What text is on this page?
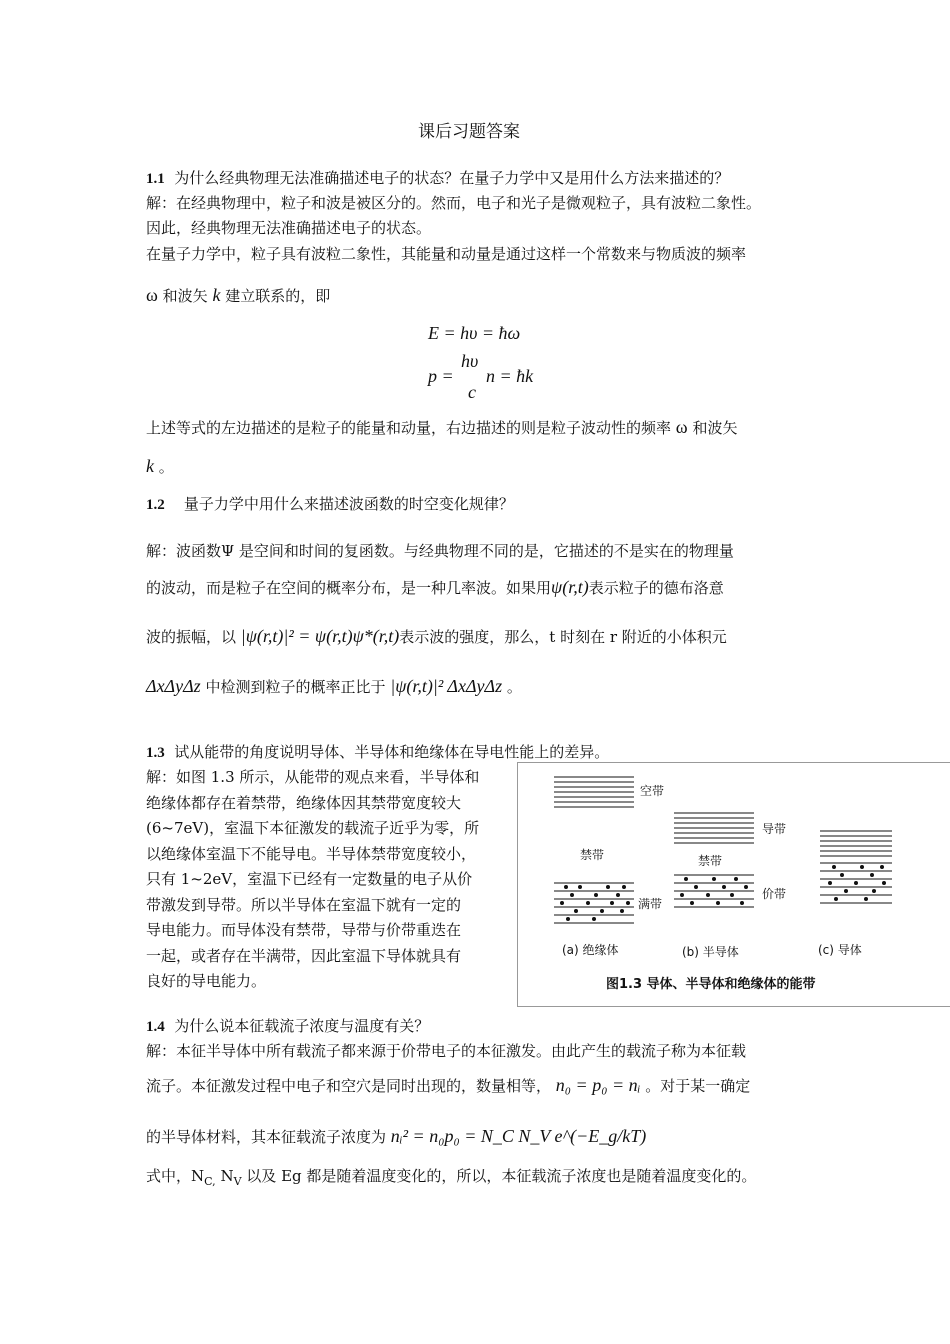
课后习题答案
1.1 为什么经典物理无法准确描述电子的状态？在量子力学中又是用什么方法来描述的？
解：在经典物理中，粒子和波是被区分的。然而，电子和光子是微观粒子，具有波粒二象性。
因此，经典物理无法准确描述电子的状态。
在量子力学中，粒子具有波粒二象性，其能量和动量是通过这样一个常数来与物质波的频率
ω 和波矢 k 建立联系的，即
E = hυ = ħω
p =
hυ
c
n = ħk
上述等式的左边描述的是粒子的能量和动量，右边描述的则是粒子波动性的频率 ω 和波矢
k 。
1.2 量子力学中用什么来描述波函数的时空变化规律？
解：波函数Ψ 是空间和时间的复函数。与经典物理不同的是，它描述的不是实在的物理量
的波动，而是粒子在空间的概率分布，是一种几率波。如果用ψ(r,t)表示粒子的德布洛意
波的振幅，以 |ψ(r,t)|² = ψ(r,t)ψ*(r,t)表示波的强度，那么，t 时刻在 r 附近的小体积元
ΔxΔyΔz 中检测到粒子的概率正比于 |ψ(r,t)|² ΔxΔyΔz 。
1.3 试从能带的角度说明导体、半导体和绝缘体在导电性能上的差异。
解：如图 1.3 所示，从能带的观点来看，半导体和
绝缘体都存在着禁带，绝缘体因其禁带宽度较大
(6~7eV)，室温下本征激发的载流子近乎为零，所
以绝缘体室温下不能导电。半导体禁带宽度较小，
只有 1~2eV，室温下已经有一定数量的电子从价
带激发到导带。所以半导体在室温下就有一定的
导电能力。而导体没有禁带，导带与价带重迭在
一起，或者存在半满带，因此室温下导体就具有
良好的导电能力。
空带
导带
禁带	禁带
满带
价带
(a) 绝缘体	(b) 半导体	(c) 导体
图1.3 导体、半导体和绝缘体的能带
1.4 为什么说本征载流子浓度与温度有关？
解：本征半导体中所有载流子都来源于价带电子的本征激发。由此产生的载流子称为本征载
流子。本征激发过程中电子和空穴是同时出现的，数量相等， n₀ = p₀ = nᵢ 。对于某一确定
的半导体材料，其本征载流子浓度为 nᵢ² = n₀p₀ = N_C N_V e^(−E_g/kT)
式中，$N_{C,}$ $N_V$ 以及 Eg 都是随着温度变化的，所以，本征载流子浓度也是随着温度变化的。
